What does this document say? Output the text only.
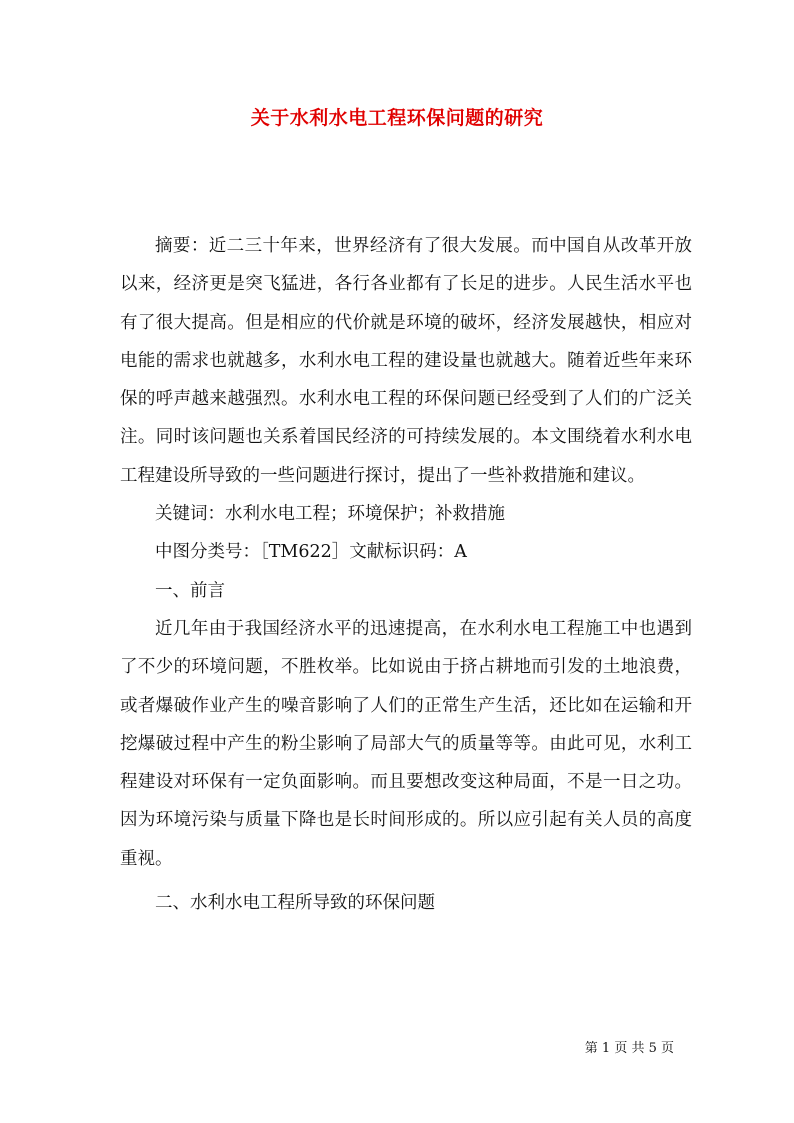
关于水利水电工程环保问题的研究

摘要：近二三十年来，世界经济有了很大发展。而中国自从改革开放以来，经济更是突飞猛进，各行各业都有了长足的进步。人民生活水平也有了很大提高。但是相应的代价就是环境的破坏，经济发展越快，相应对电能的需求也就越多，水利水电工程的建设量也就越大。随着近些年来环保的呼声越来越强烈。水利水电工程的环保问题已经受到了人们的广泛关注。同时该问题也关系着国民经济的可持续发展的。本文围绕着水利水电工程建设所导致的一些问题进行探讨，提出了一些补救措施和建议。

关键词：水利水电工程；环境保护；补救措施

中图分类号：［TM622］文献标识码：A

一、前言

近几年由于我国经济水平的迅速提高，在水利水电工程施工中也遇到了不少的环境问题，不胜枚举。比如说由于挤占耕地而引发的土地浪费，或者爆破作业产生的噪音影响了人们的正常生产生活，还比如在运输和开挖爆破过程中产生的粉尘影响了局部大气的质量等等。由此可见，水利工程建设对环保有一定负面影响。而且要想改变这种局面，不是一日之功。因为环境污染与质量下降也是长时间形成的。所以应引起有关人员的高度重视。

二、水利水电工程所导致的环保问题

第 1 页 共 5 页
